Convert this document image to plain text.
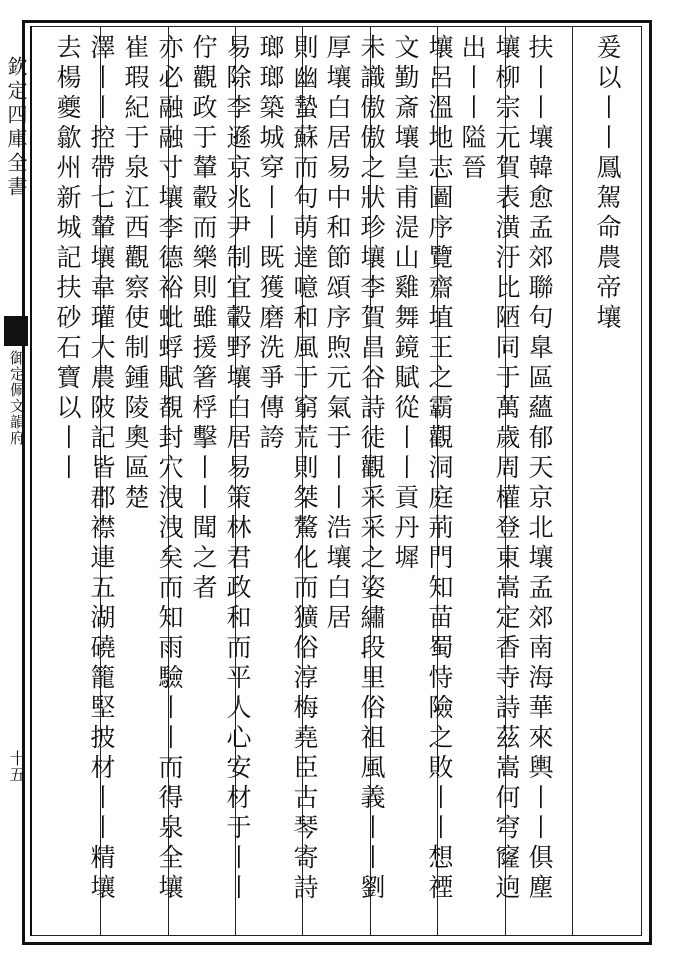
欽定四庫全書
御定佩文韻府
十五
爰以丨丨鳳駕命農帝壤
扶丨丨壤韓愈孟郊聯句臯區蘊郁天京北壤孟郊南海華來輿丨丨俱塵
壤柳宗元賀表潢汙比陋同于萬歲周權登東嵩定香寺詩茲嵩何穹窿逈出丨丨隘晉
壤呂溫地志圖序覽齋埴王之霸觀洞庭荊門知苗蜀恃險之敗丨丨想禋文勤斎壤皇甫湜山雞舞鏡賦從丨丨貢丹墀
未識傲傲之狀珍壤李賀昌谷詩徒觀采采之姿繡段里俗祖風義丨丨劉厚壤白居易中和節頌序煦元氣于丨丨浩壤白居
則幽蟄蘇而句萌達噫和風于窮荒則桀驁化而獷俗淳梅堯臣古琴寄詩瑯瑯築城穿丨丨既獲磨洗爭傳誇
易除李遜京兆尹制宜轂野壤白居易策林君政和而平人心安材于丨丨佇觀政于輦轂而樂則雖援箸桴擊丨丨聞之者
亦必融融寸壤李德裕蚍蜉賦覩封穴洩洩矣而知雨驗丨丨而得泉全壤崔瑕紀于泉江西觀察使制鍾陵奧區楚
澤丨丨控帶七輦壤韋瓘大農陂記皆郡襟連五湖磽籠堅披材丨丨精壤去楊夔歙州新城記扶砂石寶以丨丨
